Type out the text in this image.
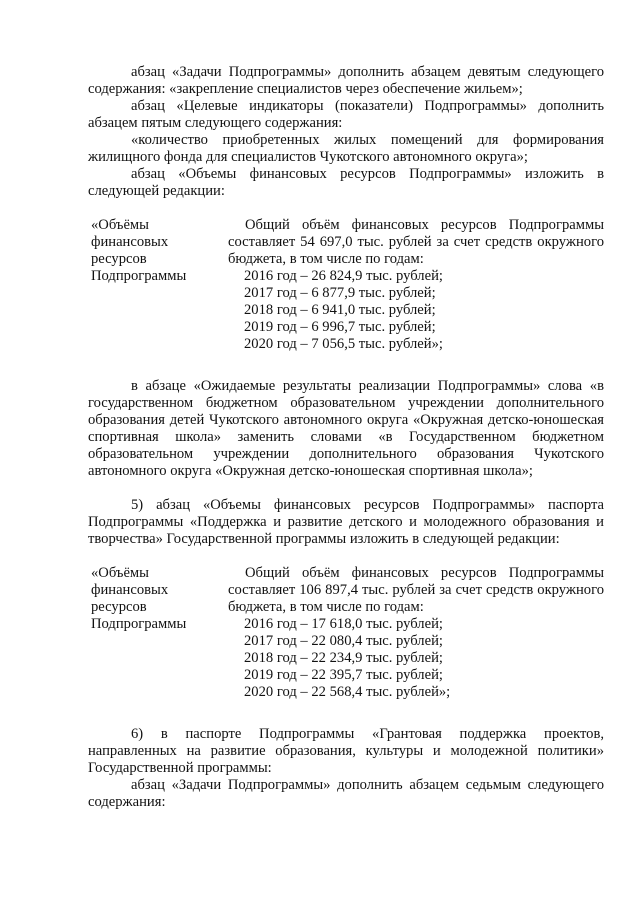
абзац «Задачи Подпрограммы» дополнить абзацем девятым следующего содержания: «закрепление специалистов через обеспечение жильем»;

абзац «Целевые индикаторы (показатели) Подпрограммы» дополнить абзацем пятым следующего содержания:

«количество приобретенных жилых помещений для формирования жилищного фонда для специалистов Чукотского автономного округа»;

абзац «Объемы финансовых ресурсов Подпрограммы» изложить в следующей редакции:

«Объёмы
финансовых
ресурсов
Подпрограммы
Общий объём финансовых ресурсов Подпрограммы составляет 54 697,0 тыс. рублей за счет средств окружного бюджета, в том числе по годам:
2016 год – 26 824,9 тыс. рублей;
2017 год – 6 877,9 тыс. рублей;
2018 год – 6 941,0 тыс. рублей;
2019 год – 6 996,7 тыс. рублей;
2020 год – 7 056,5 тыс. рублей»;

в абзаце «Ожидаемые результаты реализации Подпрограммы» слова «в государственном бюджетном образовательном учреждении дополнительного образования детей Чукотского автономного округа «Окружная детско-юношеская спортивная школа» заменить словами «в Государственном бюджетном образовательном учреждении дополнительного образования Чукотского автономного округа «Окружная детско-юношеская спортивная школа»;

5) абзац «Объемы финансовых ресурсов Подпрограммы» паспорта Подпрограммы «Поддержка и развитие детского и молодежного образования и творчества» Государственной программы изложить в следующей редакции:

«Объёмы
финансовых
ресурсов
Подпрограммы
Общий объём финансовых ресурсов Подпрограммы составляет 106 897,4 тыс. рублей за счет средств окружного бюджета, в том числе по годам:
2016 год – 17 618,0 тыс. рублей;
2017 год – 22 080,4 тыс. рублей;
2018 год – 22 234,9 тыс. рублей;
2019 год – 22 395,7 тыс. рублей;
2020 год – 22 568,4 тыс. рублей»;

6) в паспорте Подпрограммы «Грантовая поддержка проектов, направленных на развитие образования, культуры и молодежной политики» Государственной программы:

абзац «Задачи Подпрограммы» дополнить абзацем седьмым следующего содержания:
